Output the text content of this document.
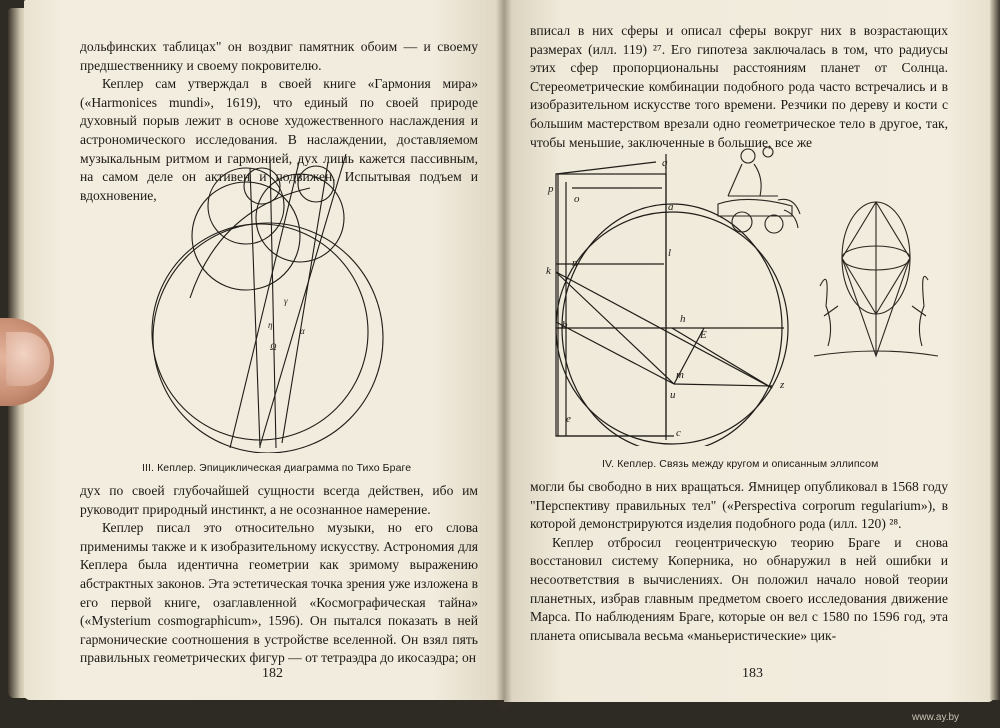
дольфинских таблицах" он воздвиг памятник обоим — и своему предшественнику и своему покровителю.

Кеплер сам утверждал в своей книге «Гармония мира» («Harmonices mundi», 1619), что единый по своей природе духовный порыв лежит в основе художественного наслаждения и астрономического исследования. В наслаждении, доставляемом музыкальным ритмом и гармонией, дух лишь кажется пассивным, на самом деле он активен и подвижен. Испытывая подъем и вдохновение,

η
γ
α
Ω
III. Кеплер. Эпициклическая диаграмма по Тихо Браге

дух по своей глубочайшей сущности всегда действен, ибо им руководит природный инстинкт, а не осознанное намерение.

Кеплер писал это относительно музыки, но его слова применимы также и к изобразительному искусству. Астрономия для Кеплера была идентична геометрии как зримому выражению абстрактных законов. Эта эстетическая точка зрения уже изложена в его первой книге, озаглавленной «Космографическая тайна» («Mysterium cosmographicum», 1596). Он пытался показать в ней гармонические соотношения в устройстве вселенной. Он взял пять правильных геометрических фигур — от тетраэдра до икосаэдра; он

182

вписал в них сферы и описал сферы вокруг них в возрастающих размерах (илл. 119) ²⁷. Его гипотеза заключалась в том, что радиусы этих сфер пропорциональны расстояниям планет от Солнца. Стереометрические комбинации подобного рода часто встречались и в изобразительном искусстве того времени. Резчики по дереву и кости с большим мастерством врезали одно геометрическое тело в другое, так, чтобы меньшие, заключенные в большие, все же

p
q
o
a
k
n
l
h
E
b
m
u
z
e
c
IV. Кеплер. Связь между кругом и описанным эллипсом

могли бы свободно в них вращаться. Ямницер опубликовал в 1568 году "Перспективу правильных тел" («Perspectiva corporum regularium»), в которой демонстрируются изделия подобного рода (илл. 120) ²⁸.

Кеплер отбросил геоцентрическую теорию Браге и снова восстановил систему Коперника, но обнаружил в ней ошибки и несоответствия в вычислениях. Он положил начало новой теории планетных, избрав главным предметом своего исследования движение Марса. По наблюдениям Браге, которые он вел с 1580 по 1596 год, эта планета описывала весьма «маньеристические» цик-

183
www.ay.by
